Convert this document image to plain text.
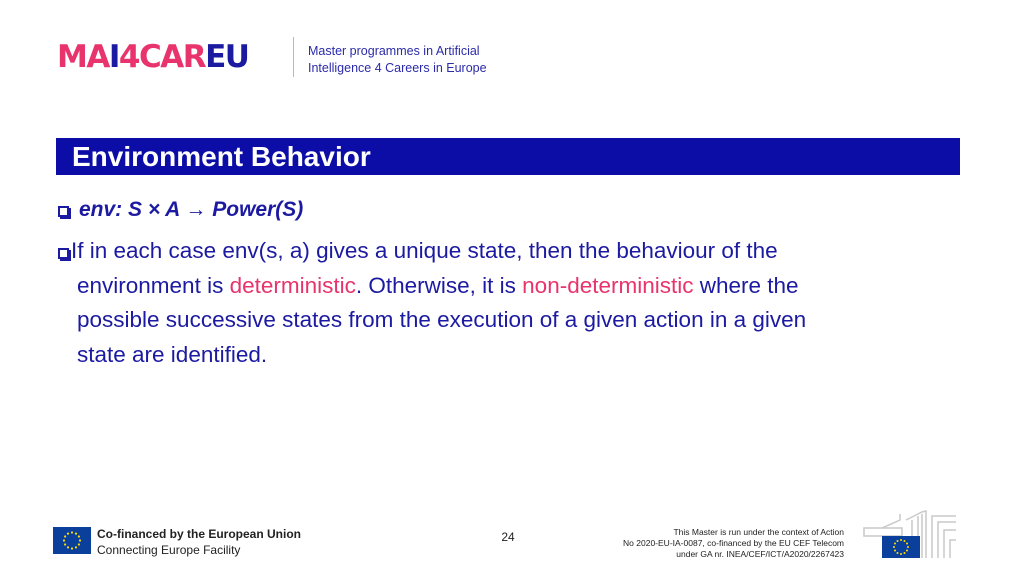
MAI4CAREU	Master programmes in Artificial
Intelligence 4 Careers in Europe
Environment Behavior
env: S × A → Power(S)
If in each case env(s, a) gives a unique state, then the behaviour of the
environment is deterministic. Otherwise, it is non-deterministic where the
possible successive states from the execution of a given action in a given
state are identified.
Co-financed by the European Union
Connecting Europe Facility
24	This Master is run under the context of Action
No 2020-EU-IA-0087, co-financed by the EU CEF Telecom
under GA nr. INEA/CEF/ICT/A2020/2267423
